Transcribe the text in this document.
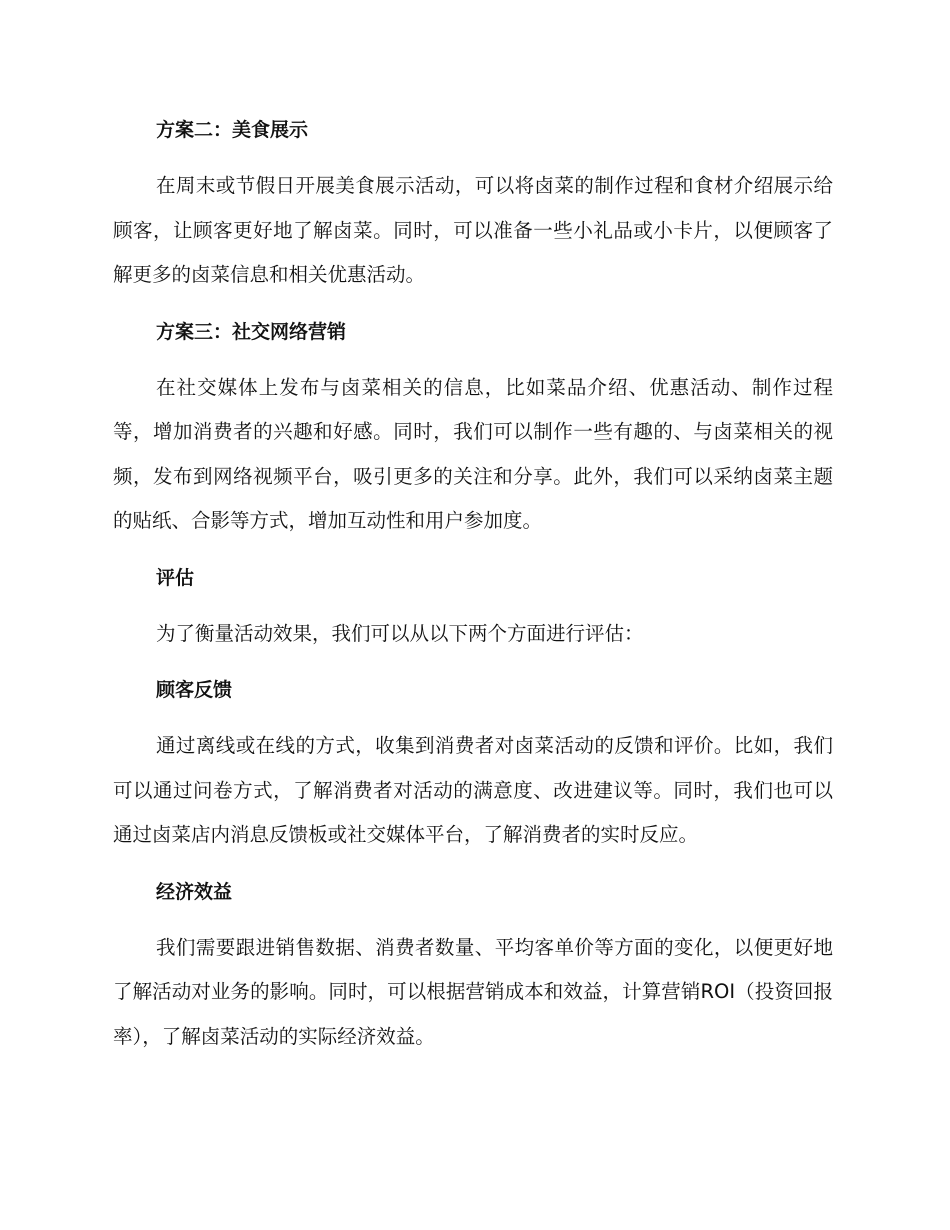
方案二：美食展示
在周末或节假日开展美食展示活动，可以将卤菜的制作过程和食材介绍展示给顾客，让顾客更好地了解卤菜。同时，可以准备一些小礼品或小卡片，以便顾客了解更多的卤菜信息和相关优惠活动。
方案三：社交网络营销
在社交媒体上发布与卤菜相关的信息，比如菜品介绍、优惠活动、制作过程等，增加消费者的兴趣和好感。同时，我们可以制作一些有趣的、与卤菜相关的视频，发布到网络视频平台，吸引更多的关注和分享。此外，我们可以采纳卤菜主题的贴纸、合影等方式，增加互动性和用户参加度。
评估
为了衡量活动效果，我们可以从以下两个方面进行评估：
顾客反馈
通过离线或在线的方式，收集到消费者对卤菜活动的反馈和评价。比如，我们可以通过问卷方式，了解消费者对活动的满意度、改进建议等。同时，我们也可以通过卤菜店内消息反馈板或社交媒体平台，了解消费者的实时反应。
经济效益
我们需要跟进销售数据、消费者数量、平均客单价等方面的变化，以便更好地了解活动对业务的影响。同时，可以根据营销成本和效益，计算营销ROI（投资回报率），了解卤菜活动的实际经济效益。
